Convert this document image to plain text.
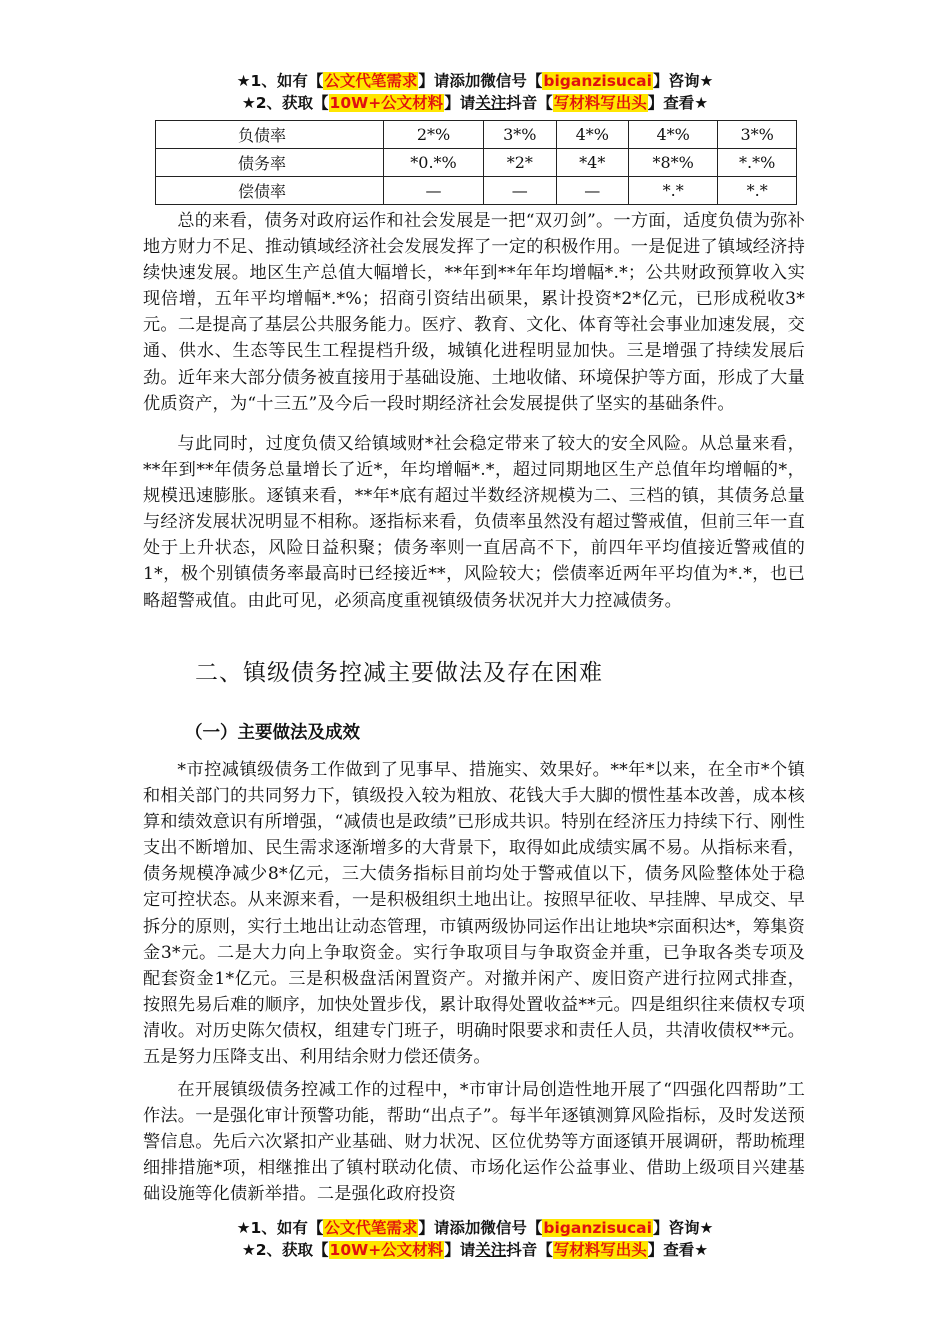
★1、如有【公文代笔需求】请添加微信号【biganzisucai】咨询★
★2、获取【10W+公文材料】请关注抖音【写材料写出头】查看★
负债率	2*%	3*%	4*%	4*%	3*%
债务率	*0.*%	*2*	*4*	*8*%	*.*%
偿债率	—	—	—	*.*	*.*

总的来看，债务对政府运作和社会发展是一把“双刃剑”。一方面，适度负债为弥补地方财力不足、推动镇域经济社会发展发挥了一定的积极作用。一是促进了镇域经济持续快速发展。地区生产总值大幅增长，**年到**年年均增幅*.*；公共财政预算收入实现倍增，五年平均增幅*.*%；招商引资结出硕果，累计投资*2*亿元，已形成税收3*元。二是提高了基层公共服务能力。医疗、教育、文化、体育等社会事业加速发展，交通、供水、生态等民生工程提档升级，城镇化进程明显加快。三是增强了持续发展后劲。近年来大部分债务被直接用于基础设施、土地收储、环境保护等方面，形成了大量优质资产，为“十三五”及今后一段时期经济社会发展提供了坚实的基础条件。

与此同时，过度负债又给镇域财*社会稳定带来了较大的安全风险。从总量来看，**年到**年债务总量增长了近*，年均增幅*.*，超过同期地区生产总值年均增幅的*，规模迅速膨胀。逐镇来看，**年*底有超过半数经济规模为二、三档的镇，其债务总量与经济发展状况明显不相称。逐指标来看，负债率虽然没有超过警戒值，但前三年一直处于上升状态，风险日益积聚；债务率则一直居高不下，前四年平均值接近警戒值的1*，极个别镇债务率最高时已经接近**，风险较大；偿债率近两年平均值为*.*，也已略超警戒值。由此可见，必须高度重视镇级债务状况并大力控减债务。

二、镇级债务控减主要做法及存在困难
（一）主要做法及成效

*市控减镇级债务工作做到了见事早、措施实、效果好。**年*以来，在全市*个镇和相关部门的共同努力下，镇级投入较为粗放、花钱大手大脚的惯性基本改善，成本核算和绩效意识有所增强，“减债也是政绩”已形成共识。特别在经济压力持续下行、刚性支出不断增加、民生需求逐渐增多的大背景下，取得如此成绩实属不易。从指标来看，债务规模净减少8*亿元，三大债务指标目前均处于警戒值以下，债务风险整体处于稳定可控状态。从来源来看，一是积极组织土地出让。按照早征收、早挂牌、早成交、早拆分的原则，实行土地出让动态管理，市镇两级协同运作出让地块*宗面积达*，筹集资金3*元。二是大力向上争取资金。实行争取项目与争取资金并重，已争取各类专项及配套资金1*亿元。三是积极盘活闲置资产。对撤并闲产、废旧资产进行拉网式排查，按照先易后难的顺序，加快处置步伐，累计取得处置收益**元。四是组织往来债权专项清收。对历史陈欠债权，组建专门班子，明确时限要求和责任人员，共清收债权**元。五是努力压降支出、利用结余财力偿还债务。

在开展镇级债务控减工作的过程中，*市审计局创造性地开展了“四强化四帮助”工作法。一是强化审计预警功能，帮助“出点子”。每半年逐镇测算风险指标，及时发送预警信息。先后六次紧扣产业基础、财力状况、区位优势等方面逐镇开展调研，帮助梳理细排措施*项，相继推出了镇村联动化债、市场化运作公益事业、借助上级项目兴建基础设施等化债新举措。二是强化政府投资

★1、如有【公文代笔需求】请添加微信号【biganzisucai】咨询★
★2、获取【10W+公文材料】请关注抖音【写材料写出头】查看★
